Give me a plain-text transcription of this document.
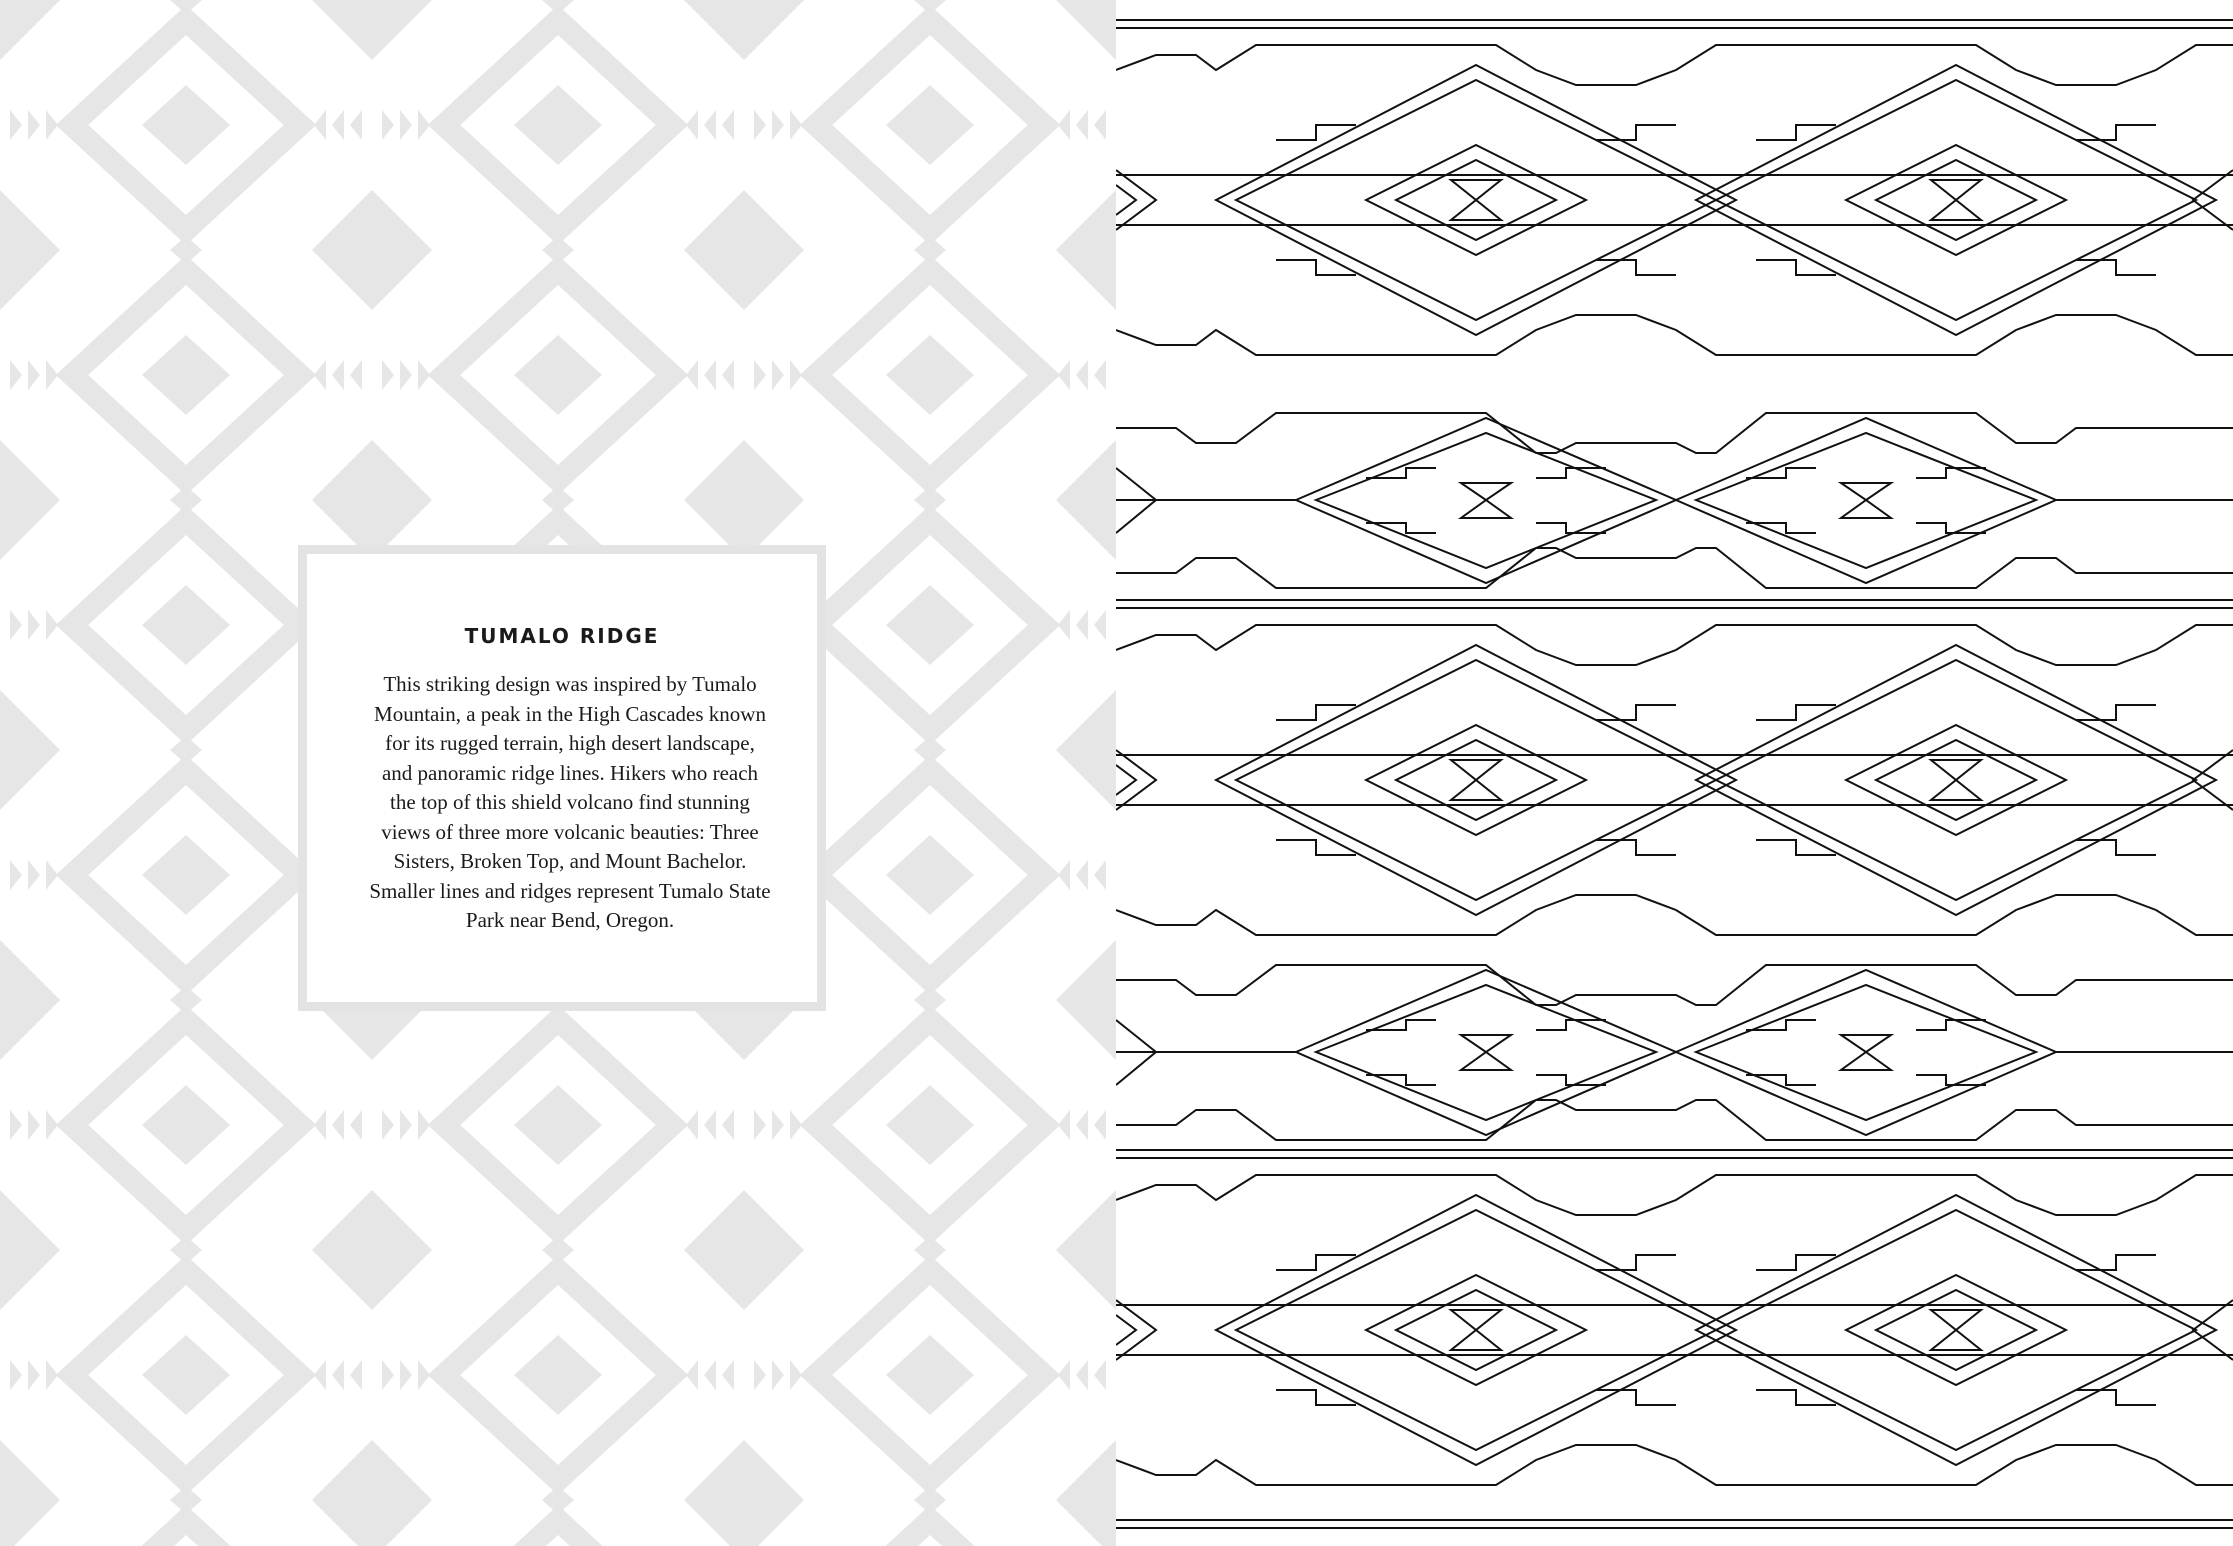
TUMALO RIDGE
This striking design was inspired by Tumalo
Mountain, a peak in the High Cascades known
for its rugged terrain, high desert landscape,
and panoramic ridge lines. Hikers who reach
the top of this shield volcano find stunning
views of three more volcanic beauties: Three
Sisters, Broken Top, and Mount Bachelor.
Smaller lines and ridges represent Tumalo State
Park near Bend, Oregon.
